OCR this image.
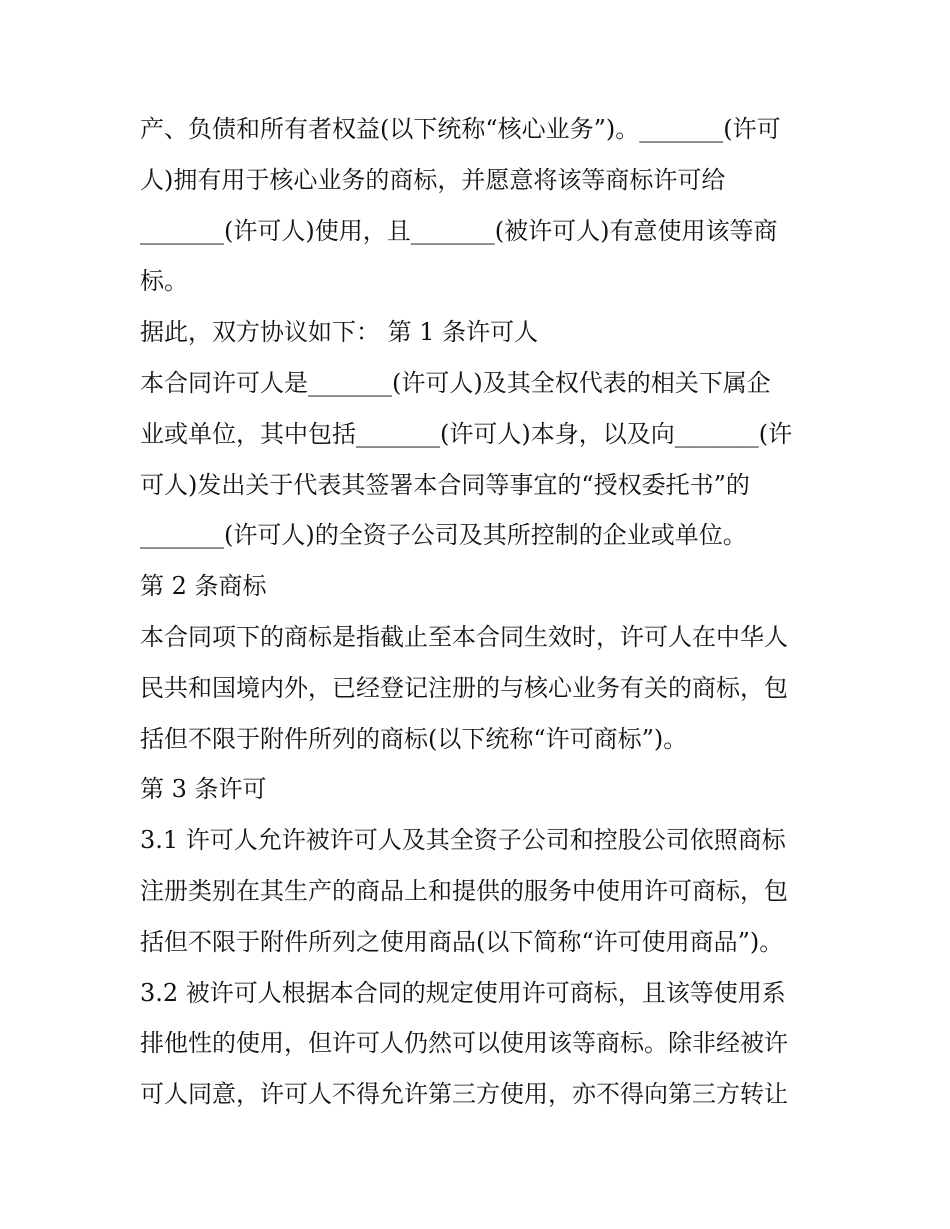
产、负债和所有者权益(以下统称“核心业务”)。_______(许可
人)拥有用于核心业务的商标，并愿意将该等商标许可给
_______(许可人)使用，且_______(被许可人)有意使用该等商
标。
据此，双方协议如下： 第 1 条许可人
本合同许可人是_______(许可人)及其全权代表的相关下属企
业或单位，其中包括_______(许可人)本身，以及向_______(许
可人)发出关于代表其签署本合同等事宜的“授权委托书”的
_______(许可人)的全资子公司及其所控制的企业或单位。
第 2 条商标
本合同项下的商标是指截止至本合同生效时，许可人在中华人
民共和国境内外，已经登记注册的与核心业务有关的商标，包
括但不限于附件所列的商标(以下统称“许可商标”)。
第 3 条许可
3.1 许可人允许被许可人及其全资子公司和控股公司依照商标
注册类别在其生产的商品上和提供的服务中使用许可商标，包
括但不限于附件所列之使用商品(以下简称“许可使用商品”)。
3.2 被许可人根据本合同的规定使用许可商标，且该等使用系
排他性的使用，但许可人仍然可以使用该等商标。除非经被许
可人同意，许可人不得允许第三方使用，亦不得向第三方转让
